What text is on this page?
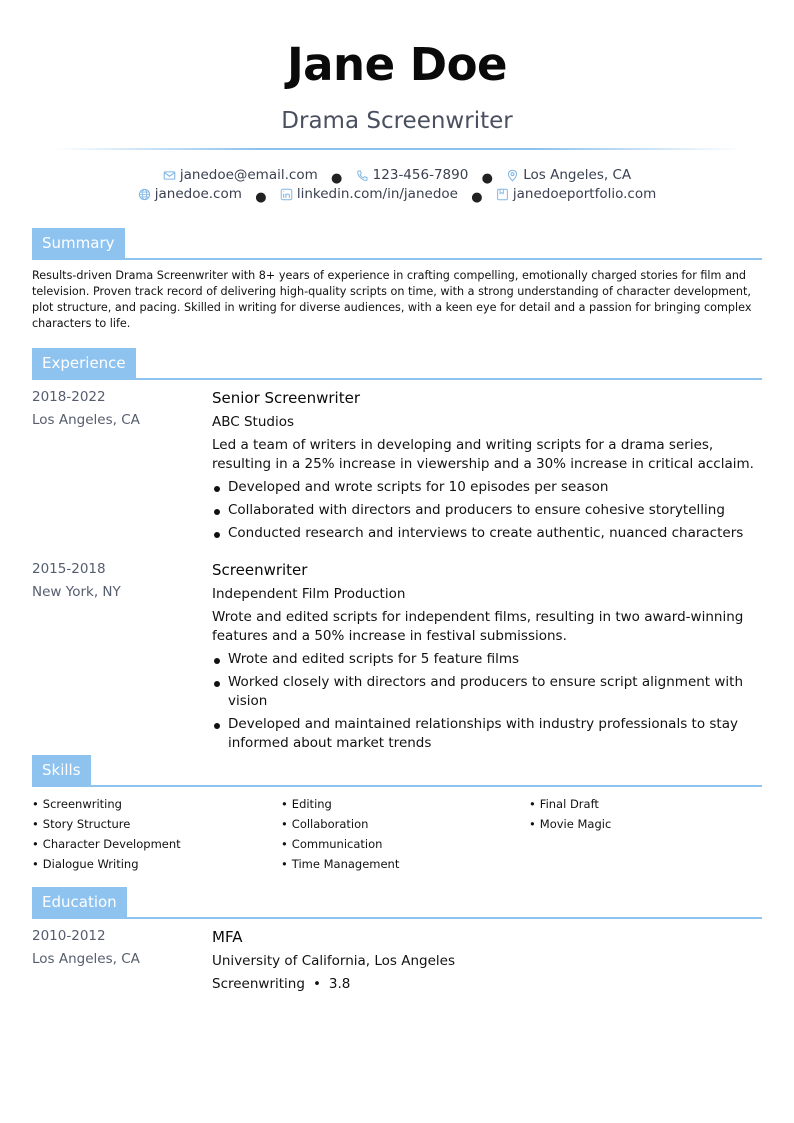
Jane Doe
Drama Screenwriter
janedoe@email.com ● 123-456-7890 ● Los Angeles, CA
janedoe.com ● linkedin.com/in/janedoe ● janedoeportfolio.com
Summary
Results-driven Drama Screenwriter with 8+ years of experience in crafting compelling, emotionally charged stories for film and television. Proven track record of delivering high-quality scripts on time, with a strong understanding of character development, plot structure, and pacing. Skilled in writing for diverse audiences, with a keen eye for detail and a passion for bringing complex characters to life.
Experience
2018-2022
Los Angeles, CA
Senior Screenwriter
ABC Studios
Led a team of writers in developing and writing scripts for a drama series, resulting in a 25% increase in viewership and a 30% increase in critical acclaim.
Developed and wrote scripts for 10 episodes per season
Collaborated with directors and producers to ensure cohesive storytelling
Conducted research and interviews to create authentic, nuanced characters
2015-2018
New York, NY
Screenwriter
Independent Film Production
Wrote and edited scripts for independent films, resulting in two award-winning features and a 50% increase in festival submissions.
Wrote and edited scripts for 5 feature films
Worked closely with directors and producers to ensure script alignment with vision
Developed and maintained relationships with industry professionals to stay informed about market trends
Skills
• Screenwriting
• Story Structure
• Character Development
• Dialogue Writing
• Editing
• Collaboration
• Communication
• Time Management
• Final Draft
• Movie Magic
Education
2010-2012
Los Angeles, CA
MFA
University of California, Los Angeles
Screenwriting • 3.8
